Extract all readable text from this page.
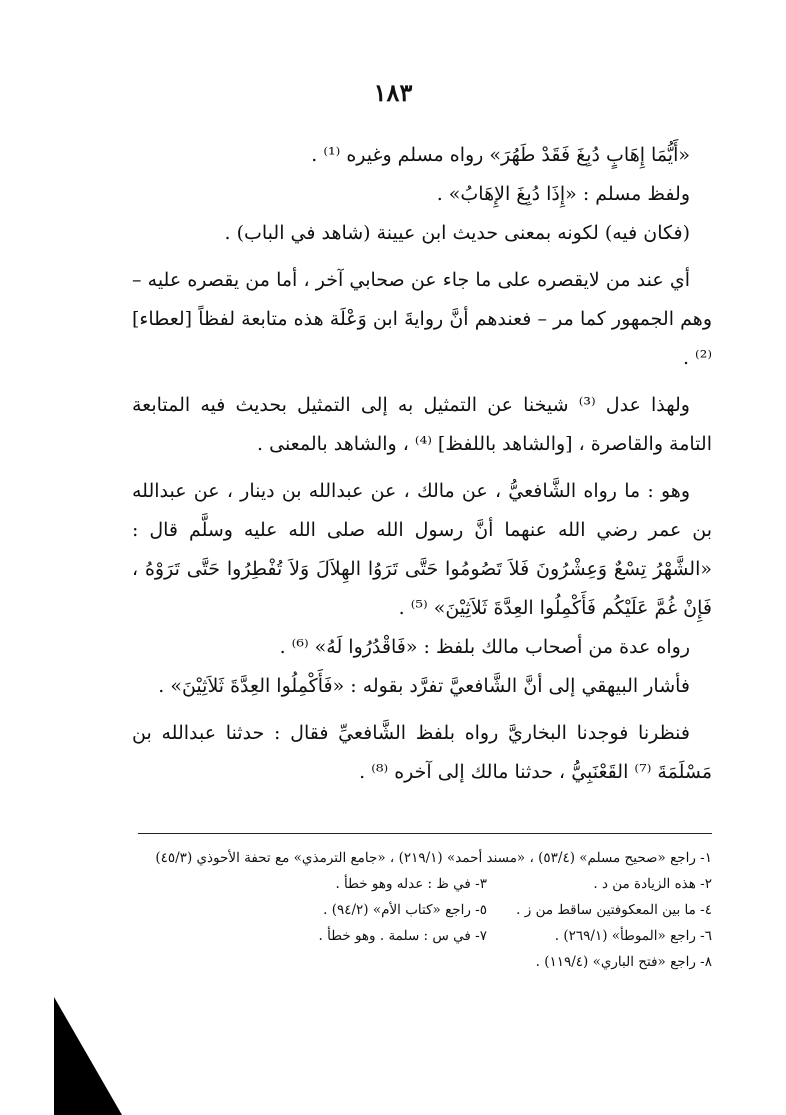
١٨٣

«أَيُّمَا إِهَابٍ دُبِغَ فَقَدْ طَهُرَ» رواه مسلم وغيره ⁽¹⁾ .

ولفظ مسلم : «إِذَا دُبِغَ الإِهَابُ» .

(فكان فيه) لكونه بمعنى حديث ابن عيينة (شاهد في الباب) .

أي عند من لايقصره على ما جاء عن صحابي آخر ، أما من يقصره عليه – وهم الجمهور كما مر – فعندهم أنَّ روايةَ ابن وَعْلَة هذه متابعة لفظاً [لعطاء] ⁽²⁾ .

ولهذا عدل ⁽³⁾ شيخنا عن التمثيل به إلى التمثيل بحديث فيه المتابعة التامة والقاصرة ، [والشاهد باللفظ] ⁽⁴⁾ ، والشاهد بالمعنى .

وهو : ما رواه الشَّافعيُّ ، عن مالك ، عن عبدالله بن دينار ، عن عبدالله بن عمر رضي الله عنهما أنَّ رسول الله صلى الله عليه وسلَّم قال : «الشَّهْرُ تِسْعٌ وَعِشْرُونَ فَلاَ تَصُومُوا حَتَّى تَرَوُا الهِلاَلَ وَلاَ تُفْطِرُوا حَتَّى تَرَوْهُ ، فَإِنْ غُمَّ عَلَيْكُم فَأَكْمِلُوا العِدَّةَ ثَلاَثِيْنَ» ⁽⁵⁾ .

رواه عدة من أصحاب مالك بلفظ : «فَاقْدُرُوا لَهُ» ⁽⁶⁾ .

فأشار البيهقي إلى أنَّ الشَّافعيَّ تفرَّد بقوله : «فَأَكْمِلُوا العِدَّةَ ثَلاَثِيْنَ» .

فنظرنا فوجدنا البخاريَّ رواه بلفظ الشَّافعيِّ فقال : حدثنا عبدالله بن مَسْلَمَةَ ⁽⁷⁾ القَعْنَبِيُّ ، حدثنا مالك إلى آخره ⁽⁸⁾ .

١- راجع «صحيح مسلم» (٥٣/٤) ، «مسند أحمد» (٢١٩/١) ، «جامع الترمذي» مع تحفة الأحوذي (٤٥/٣)

٢- هذه الزيادة من د .
٣- في ظ : عدله وهو خطأ .
٤- ما بين المعكوفتين ساقط من ز .
٥- راجع «كتاب الأم» (٩٤/٢) .
٦- راجع «الموطأ» (٢٦٩/١) .
٧- في س : سلمة . وهو خطأ .

٨- راجع «فتح الباري» (١١٩/٤) .
